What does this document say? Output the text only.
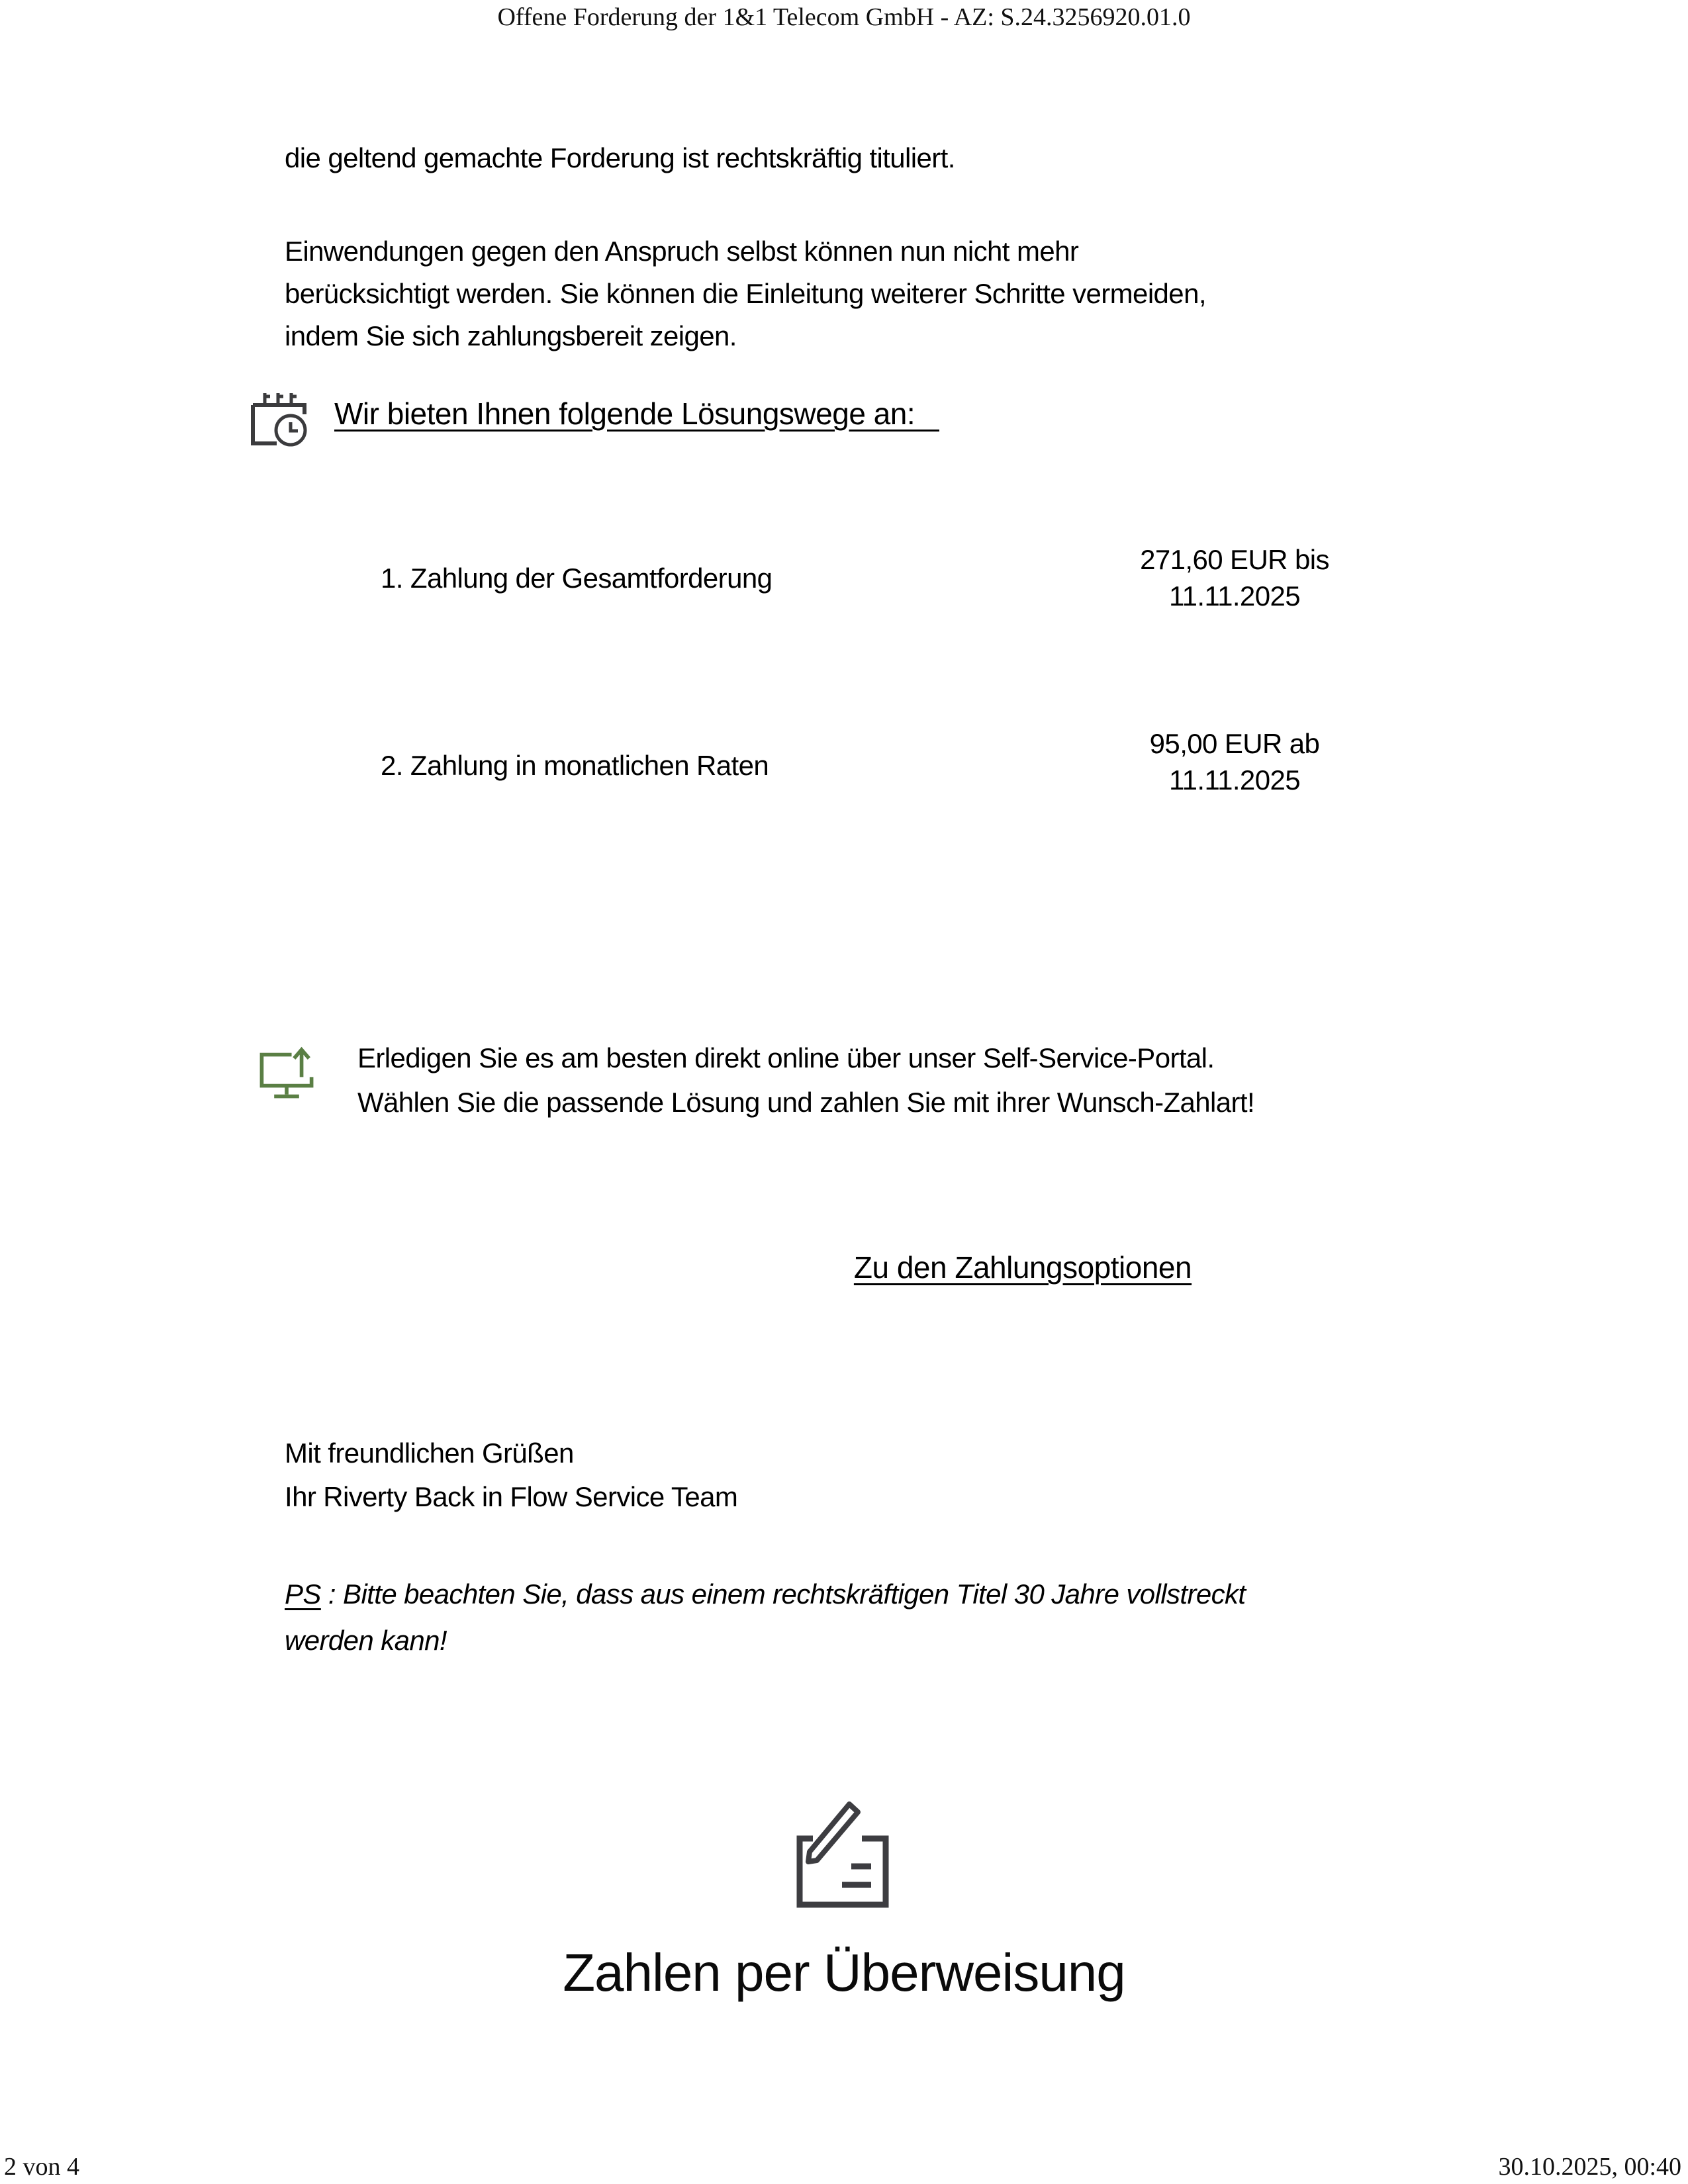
Offene Forderung der 1&1 Telecom GmbH - AZ: S.24.3256920.01.0
die geltend gemachte Forderung ist rechtskräftig tituliert.
Einwendungen gegen den Anspruch selbst können nun nicht mehr
berücksichtigt werden. Sie können die Einleitung weiterer Schritte vermeiden,
indem Sie sich zahlungsbereit zeigen.
Wir bieten Ihnen folgende Lösungswege an:
1. Zahlung der Gesamtforderung
271,60 EUR bis
11.11.2025
2. Zahlung in monatlichen Raten
95,00 EUR ab
11.11.2025
Erledigen Sie es am besten direkt online über unser Self-Service-Portal.
Wählen Sie die passende Lösung und zahlen Sie mit ihrer Wunsch-Zahlart!
Zu den Zahlungsoptionen
Mit freundlichen Grüßen
Ihr Riverty Back in Flow Service Team
PS : Bitte beachten Sie, dass aus einem rechtskräftigen Titel 30 Jahre vollstreckt
werden kann!
Zahlen per Überweisung
2 von 4	30.10.2025, 00:40
